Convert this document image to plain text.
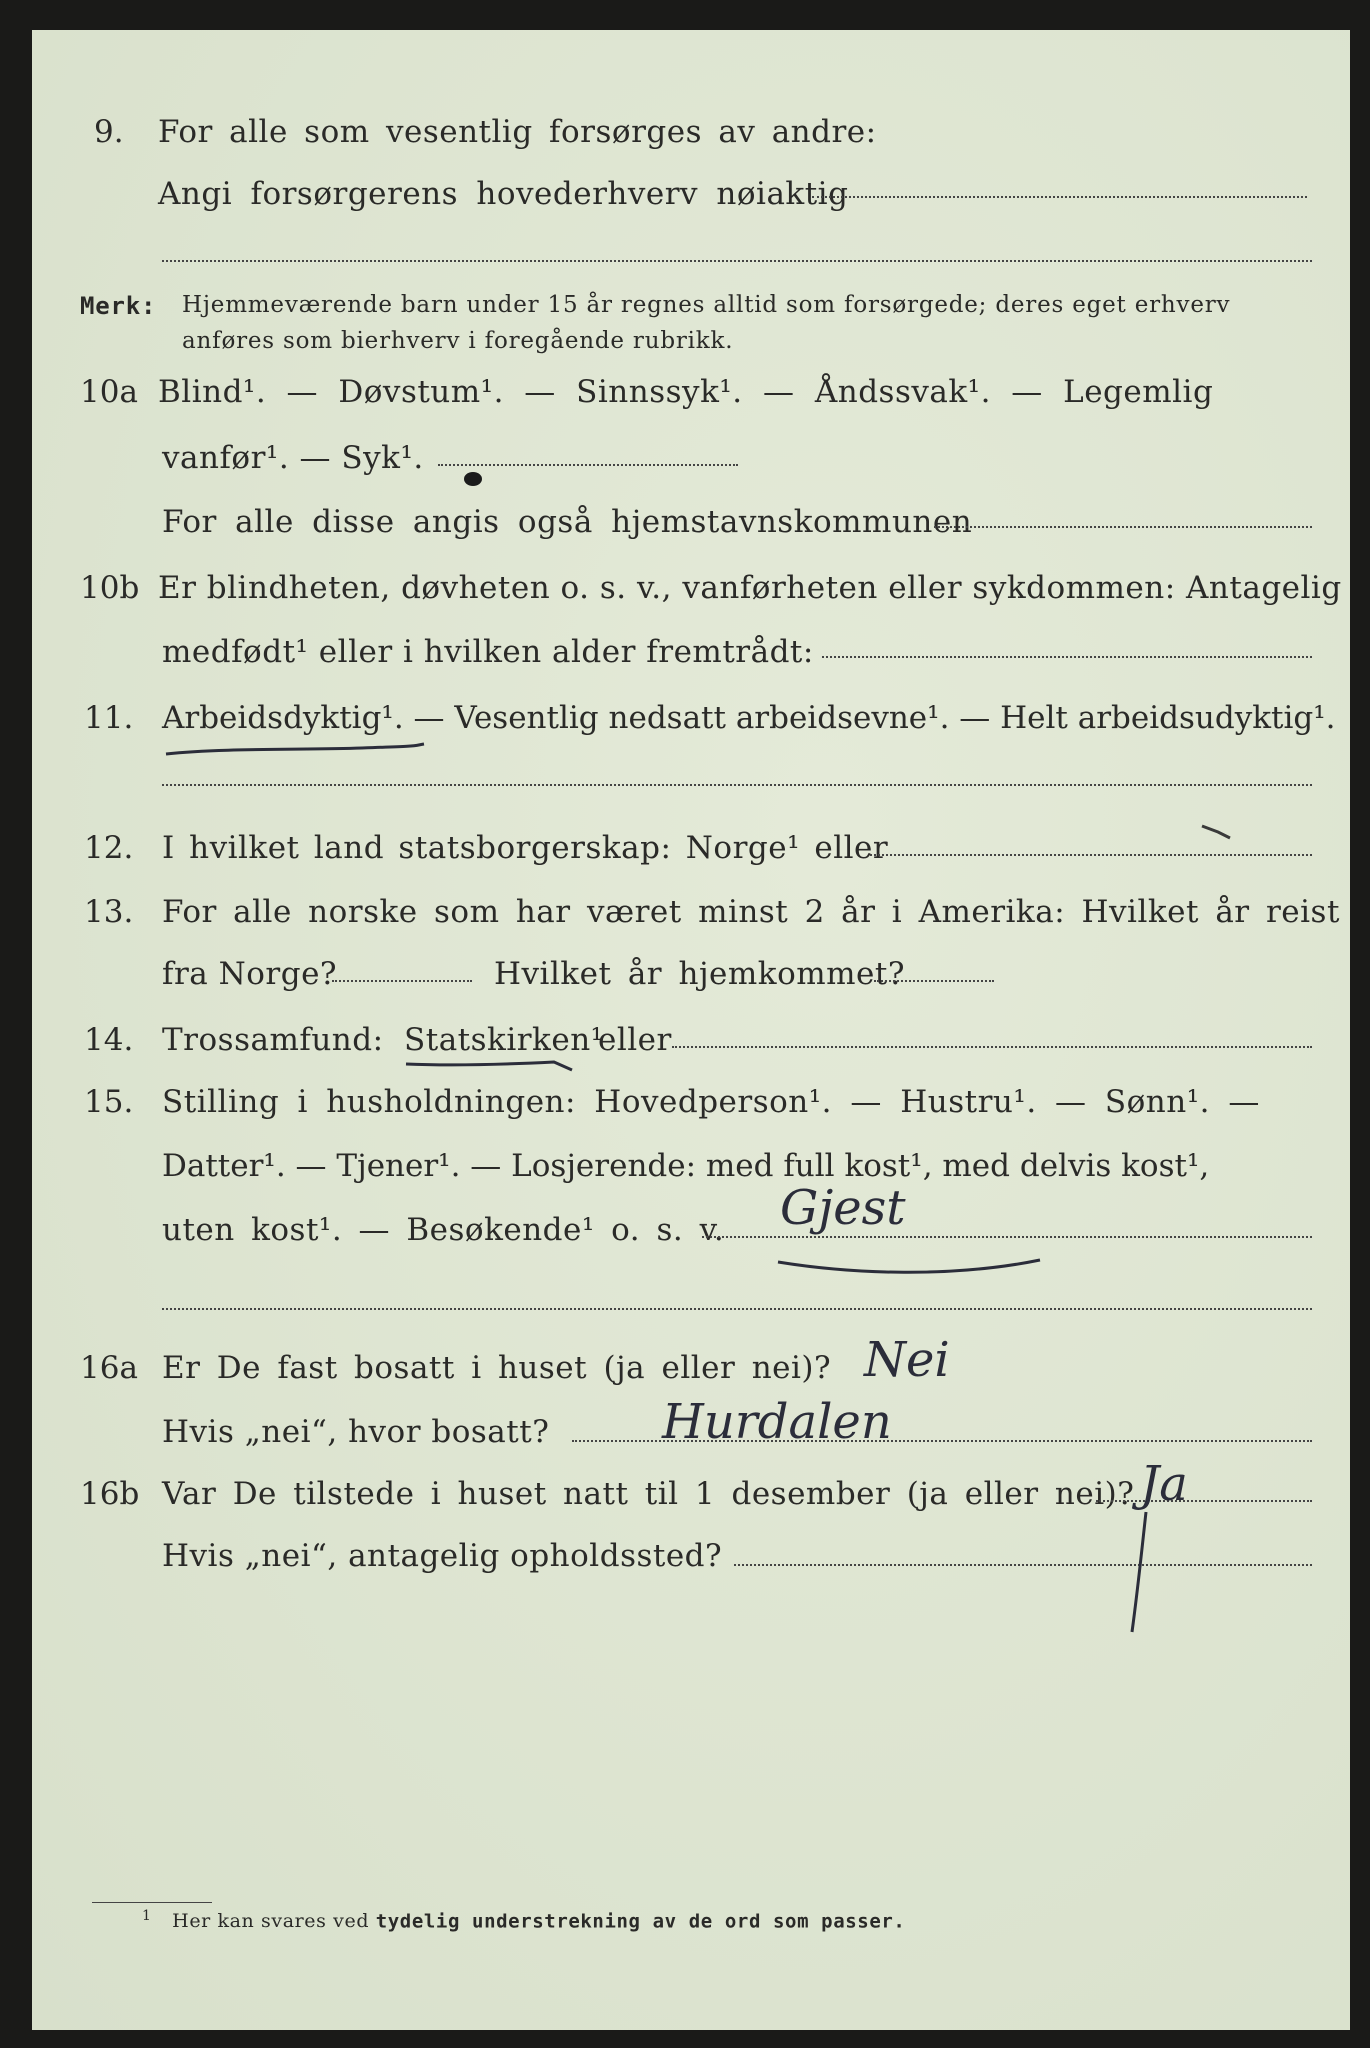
9. For alle som vesentlig forsørges av andre:
Angi forsørgerens hovederhverv nøiaktig
Merk: Hjemmeværende barn under 15 år regnes alltid som forsørgede; deres eget erhverv
anføres som bierhverv i foregående rubrikk.
10a Blind¹. — Døvstum¹. — Sinnssyk¹. — Åndssvak¹. — Legemlig
vanfør¹. — Syk¹.
For alle disse angis også hjemstavnskommunen
10b Er blindheten, døvheten o. s. v., vanførheten eller sykdommen: Antagelig
medfødt¹ eller i hvilken alder fremtrådt:
11. Arbeidsdyktig¹. — Vesentlig nedsatt arbeidsevne¹. — Helt arbeidsudyktig¹.
12. I hvilket land statsborgerskap: Norge¹ eller
13. For alle norske som har været minst 2 år i Amerika: Hvilket år reist
fra Norge?	Hvilket år hjemkommet?
14. Trossamfund: Statskirken¹
eller
15. Stilling i husholdningen: Hovedperson¹. — Hustru¹. — Sønn¹. —
Datter¹. — Tjener¹. — Losjerende: med full kost¹, med delvis kost¹,
uten kost¹. — Besøkende¹ o. s. v. Gjest
16a Er De fast bosatt i huset (ja eller nei)? Nei
Hvis „nei“, hvor bosatt? Hurdalen
16b Var De tilstede i huset natt til 1 desember (ja eller nei)? Ja
Hvis „nei“, antagelig opholdssted?
$^1$ Her kan svares ved tydelig understrekning av de ord som passer.
